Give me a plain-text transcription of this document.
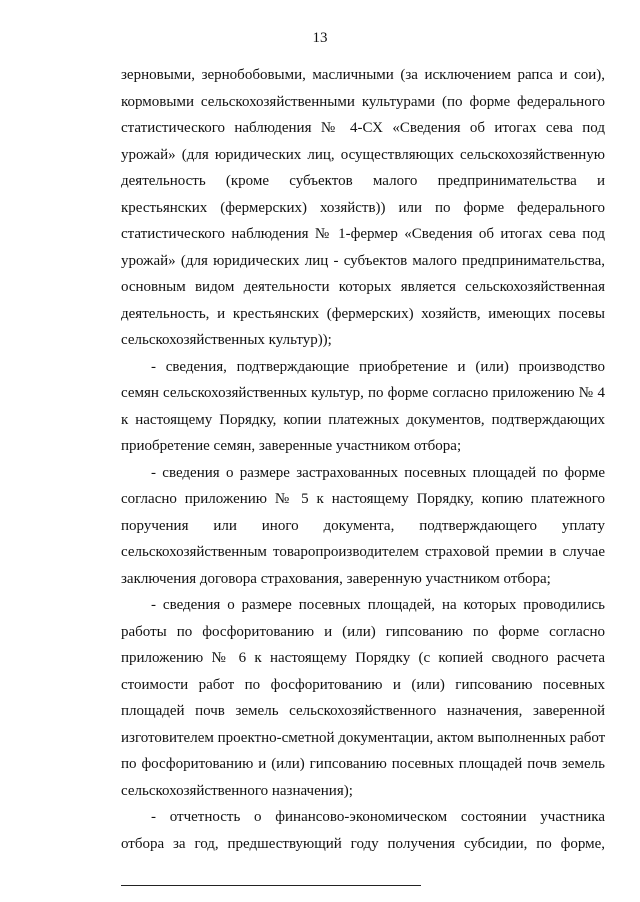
13
зерновыми, зернобобовыми, масличными (за исключением рапса и сои),
кормовыми сельскохозяйственными культурами (по форме федерального
статистического наблюдения № 4-СХ «Сведения об итогах сева под
урожай» (для юридических лиц, осуществляющих сельскохозяйственную
деятельность (кроме субъектов малого предпринимательства и
крестьянских (фермерских) хозяйств)) или по форме федерального
статистического наблюдения № 1-фермер «Сведения об итогах сева под
урожай» (для юридических лиц - субъектов малого предпринимательства,
основным видом деятельности которых является сельскохозяйственная
деятельность, и крестьянских (фермерских) хозяйств, имеющих посевы
сельскохозяйственных культур));
- сведения, подтверждающие приобретение и (или) производство
семян сельскохозяйственных культур, по форме согласно приложению № 4
к настоящему Порядку, копии платежных документов, подтверждающих
приобретение семян, заверенные участником отбора;
- сведения о размере застрахованных посевных площадей по форме
согласно приложению № 5 к настоящему Порядку, копию платежного
поручения или иного документа, подтверждающего уплату
сельскохозяйственным товаропроизводителем страховой премии в случае
заключения договора страхования, заверенную участником отбора;
- сведения о размере посевных площадей, на которых проводились
работы по фосфоритованию и (или) гипсованию по форме согласно
приложению № 6 к настоящему Порядку (с копией сводного расчета
стоимости работ по фосфоритованию и (или) гипсованию посевных
площадей почв земель сельскохозяйственного назначения, заверенной
изготовителем проектно-сметной документации, актом выполненных работ
по фосфоритованию и (или) гипсованию посевных площадей почв земель
сельскохозяйственного назначения);
- отчетность о финансово-экономическом состоянии участника
отбора за год, предшествующий году получения субсидии, по форме,
